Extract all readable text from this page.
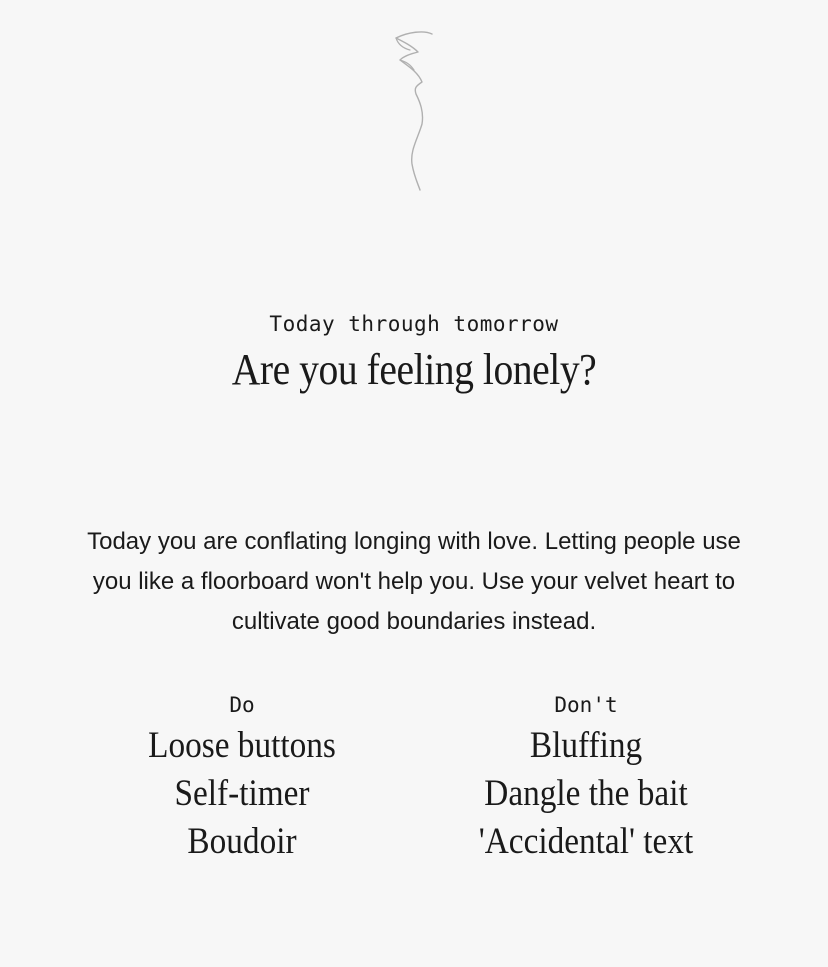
Today through tomorrow
Are you feeling lonely?
Today you are conflating longing with love. Letting people use you like a floorboard won't help you. Use your velvet heart to cultivate good boundaries instead.
Do
Loose buttons
Self-timer
Boudoir
Don't
Bluffing
Dangle the bait
'Accidental' text
